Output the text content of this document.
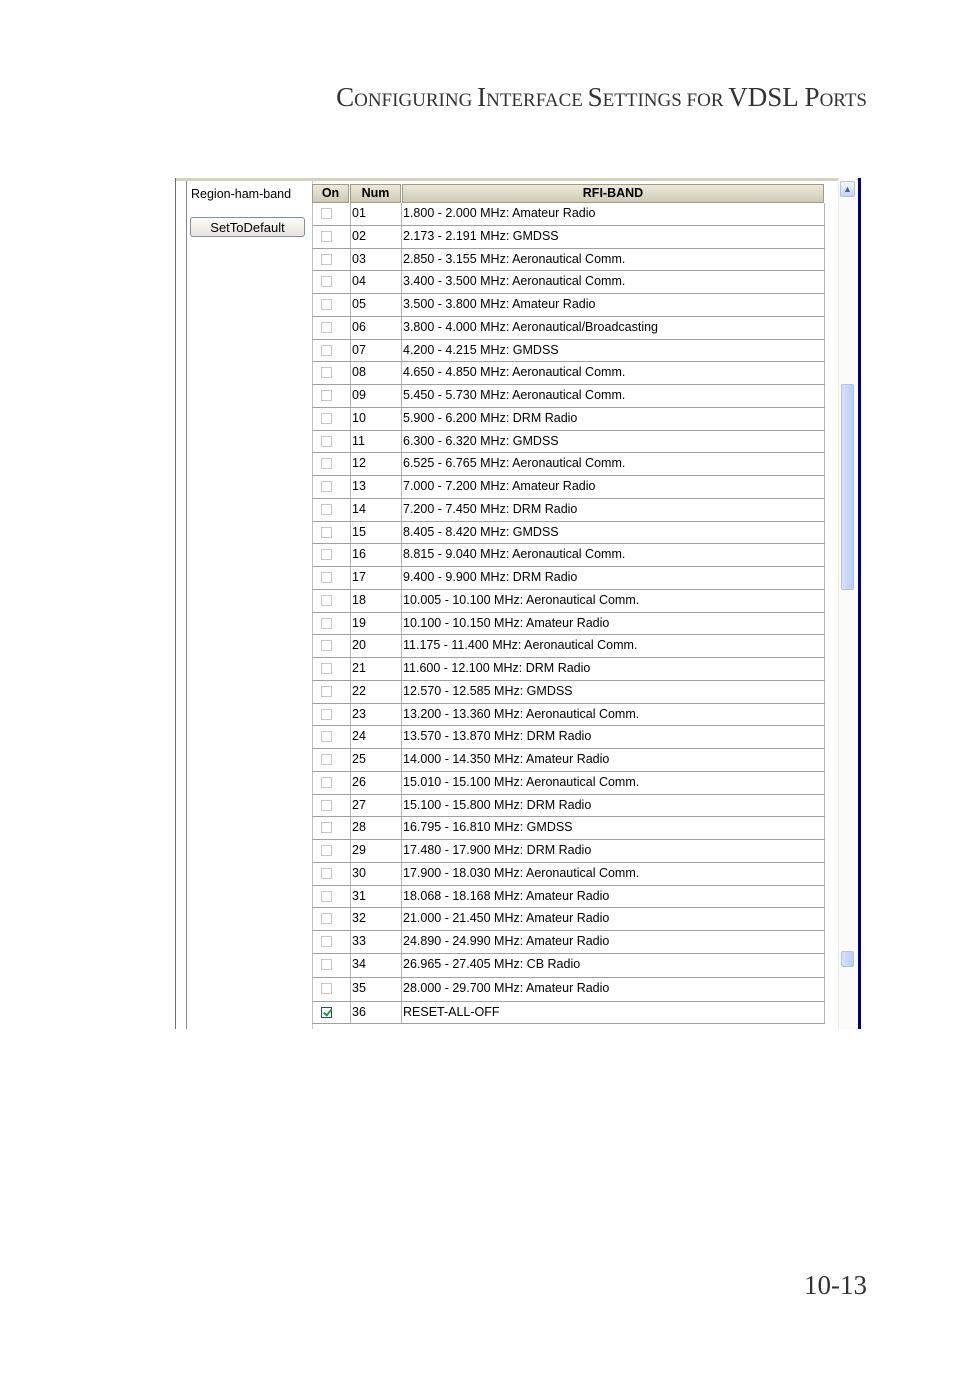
CONFIGURING INTERFACE SETTINGS FOR VDSL PORTS
Region-ham-band
SetToDefault
On	Num	RFI-BAND
01	1.800 - 2.000 MHz: Amateur Radio
02	2.173 - 2.191 MHz: GMDSS
03	2.850 - 3.155 MHz: Aeronautical Comm.
04	3.400 - 3.500 MHz: Aeronautical Comm.
05	3.500 - 3.800 MHz: Amateur Radio
06	3.800 - 4.000 MHz: Aeronautical/Broadcasting
07	4.200 - 4.215 MHz: GMDSS
08	4.650 - 4.850 MHz: Aeronautical Comm.
09	5.450 - 5.730 MHz: Aeronautical Comm.
10	5.900 - 6.200 MHz: DRM Radio
11	6.300 - 6.320 MHz: GMDSS
12	6.525 - 6.765 MHz: Aeronautical Comm.
13	7.000 - 7.200 MHz: Amateur Radio
14	7.200 - 7.450 MHz: DRM Radio
15	8.405 - 8.420 MHz: GMDSS
16	8.815 - 9.040 MHz: Aeronautical Comm.
17	9.400 - 9.900 MHz: DRM Radio
18	10.005 - 10.100 MHz: Aeronautical Comm.
19	10.100 - 10.150 MHz: Amateur Radio
20	11.175 - 11.400 MHz: Aeronautical Comm.
21	11.600 - 12.100 MHz: DRM Radio
22	12.570 - 12.585 MHz: GMDSS
23	13.200 - 13.360 MHz: Aeronautical Comm.
24	13.570 - 13.870 MHz: DRM Radio
25	14.000 - 14.350 MHz: Amateur Radio
26	15.010 - 15.100 MHz: Aeronautical Comm.
27	15.100 - 15.800 MHz: DRM Radio
28	16.795 - 16.810 MHz: GMDSS
29	17.480 - 17.900 MHz: DRM Radio
30	17.900 - 18.030 MHz: Aeronautical Comm.
31	18.068 - 18.168 MHz: Amateur Radio
32	21.000 - 21.450 MHz: Amateur Radio
33	24.890 - 24.990 MHz: Amateur Radio
34	26.965 - 27.405 MHz: CB Radio
35	28.000 - 29.700 MHz: Amateur Radio
36	RESET-ALL-OFF
▲
10-13
